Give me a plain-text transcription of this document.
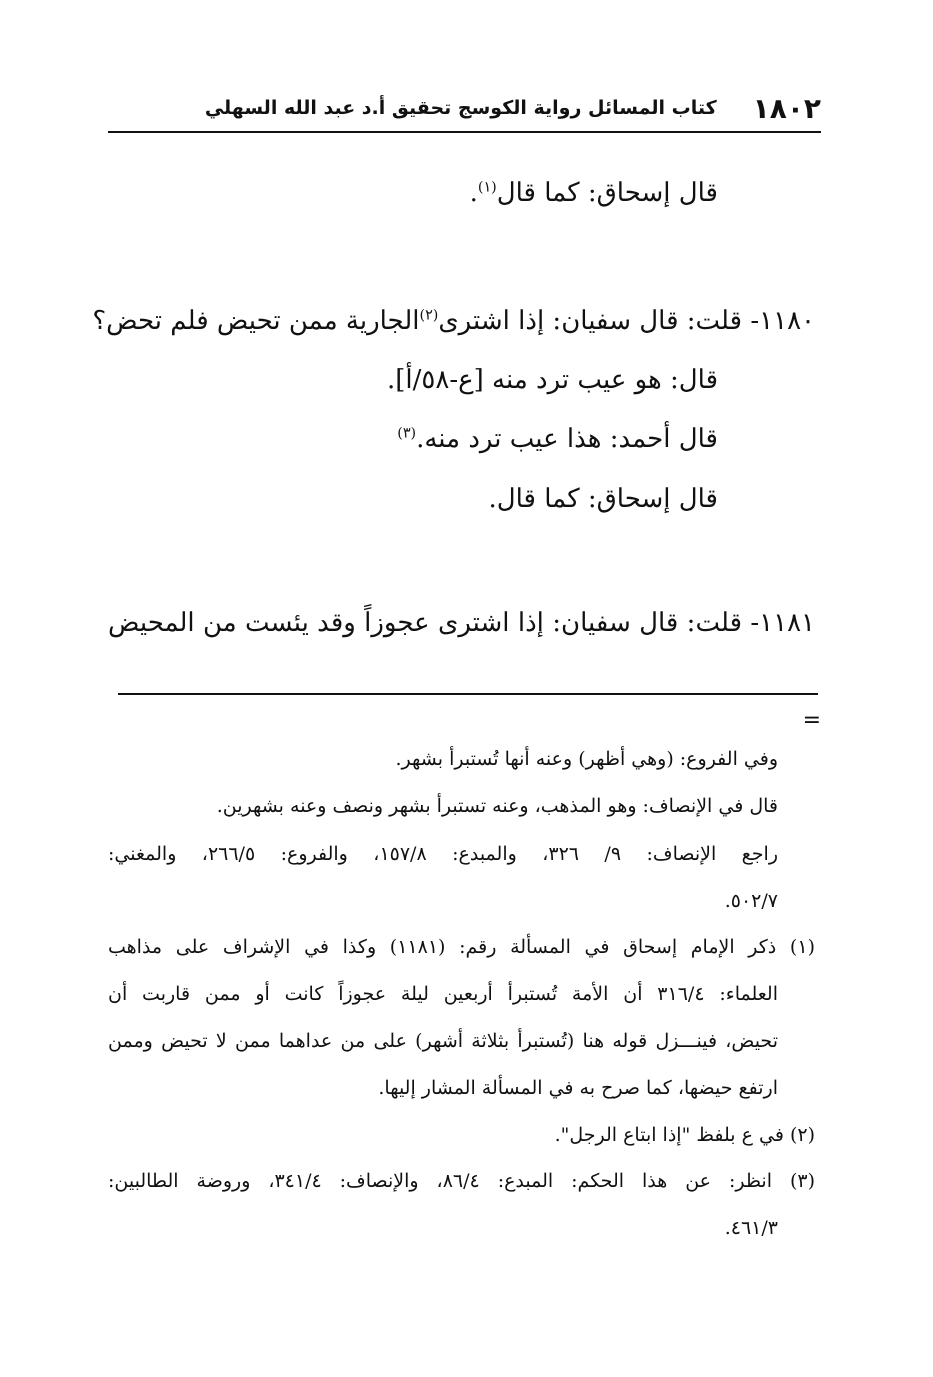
١٨٠٢
كتاب المسائل رواية الكوسج تحقيق أ.د عبد الله السهلي
قال إسحاق: كما قال$^{(١)}$.
١١٨٠- قلت: قال سفيان: إذا اشترى$^{(٢)}$الجارية ممن تحيض فلم تحض؟
قال: هو عيب ترد منه [ع-٥٨/أ].
قال أحمد: هذا عيب ترد منه.$^{(٣)}$
قال إسحاق: كما قال.
١١٨١- قلت: قال سفيان: إذا اشترى عجوزاً وقد يئست من المحيض
=
وفي الفروع: (وهي أظهر) وعنه أنها تُستبرأ بشهر.
قال في الإنصاف: وهو المذهب، وعنه تستبرأ بشهر ونصف وعنه بشهرين.
راجع الإنصاف: ٩/ ٣٢٦، والمبدع: ١٥٧/٨، والفروع: ٢٦٦/٥، والمغني:
٥٠٢/٧.
(١) ذكر الإمام إسحاق في المسألة رقم: (١١٨١) وكذا في الإشراف على مذاهب
العلماء: ٣١٦/٤ أن الأمة تُستبرأ أربعين ليلة عجوزاً كانت أو ممن قاربت أن
تحيض، فينـــزل قوله هنا (تُستبرأ بثلاثة أشهر) على من عداهما ممن لا تحيض وممن
ارتفع حيضها، كما صرح به في المسألة المشار إليها.
(٢) في ع بلفظ "إذا ابتاع الرجل".
(٣) انظر: عن هذا الحكم: المبدع: ٨٦/٤، والإنصاف: ٣٤١/٤، وروضة الطالبين:
٤٦١/٣.
